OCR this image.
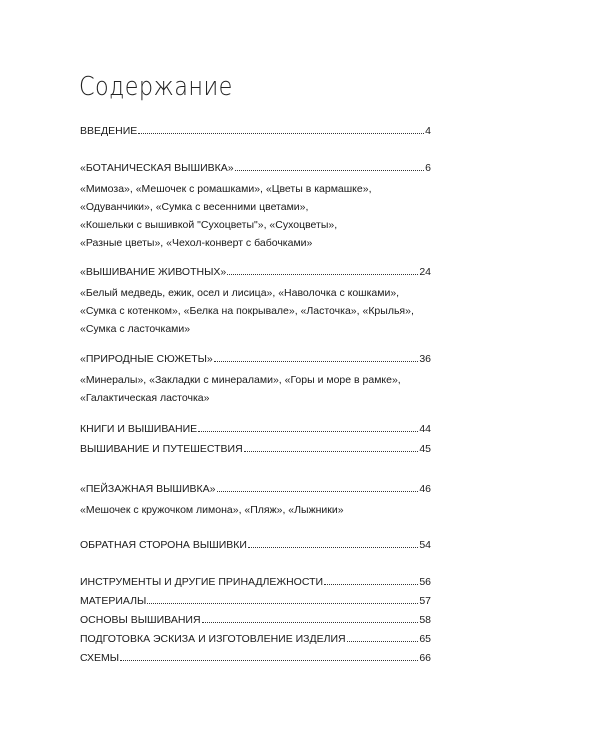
Содержание
ВВЕДЕНИЕ	4
«БОТАНИЧЕСКАЯ ВЫШИВКА»	6
«Мимоза», «Мешочек с ромашками», «Цветы в кармашке»,
«Одуванчики», «Сумка с весенними цветами»,
«Кошельки с вышивкой "Сухоцветы"», «Сухоцветы»,
«Разные цветы», «Чехол-конверт с бабочками»
«ВЫШИВАНИЕ ЖИВОТНЫХ»	24
«Белый медведь, ежик, осел и лисица», «Наволочка с кошками»,
«Сумка с котенком», «Белка на покрывале», «Ласточка», «Крылья»,
«Сумка с ласточками»
«ПРИРОДНЫЕ СЮЖЕТЫ»	36
«Минералы», «Закладки с минералами», «Горы и море в рамке»,
«Галактическая ласточка»
КНИГИ И ВЫШИВАНИЕ	44
ВЫШИВАНИЕ И ПУТЕШЕСТВИЯ	45
«ПЕЙЗАЖНАЯ ВЫШИВКА»	46
«Мешочек с кружочком лимона», «Пляж», «Лыжники»
ОБРАТНАЯ СТОРОНА ВЫШИВКИ	54
ИНСТРУМЕНТЫ И ДРУГИЕ ПРИНАДЛЕЖНОСТИ	56
МАТЕРИАЛЫ	57
ОСНОВЫ ВЫШИВАНИЯ	58
ПОДГОТОВКА ЭСКИЗА И ИЗГОТОВЛЕНИЕ ИЗДЕЛИЯ	65
СХЕМЫ	66
